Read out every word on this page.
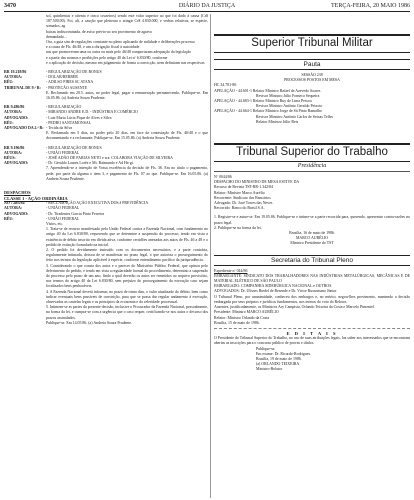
3470	DIÁRIO DA JUSTIÇA	TERÇA-FEIRA, 20 MAIO 1986

sol, quinhentos e oitenta e cinco cruzeiros) sendo este valor superior ao que foi dado à causa (Cr$ 187.500,00). Foi, ali, a caução que pleiteara o atingir Cr$ 4.830.000, e verbas relativas, se espécie, somados, ag

baixas indiscriminada, de aviso prévio-ao seu provimento de agravo

demandado...

Ora, a guia sim de regulações constante no pleno aplicando de nulidade e deliberações processo

e a causa de Fls. 46/48, e um a obrigação fiscal à autoridade

nas que promoveram uma ou outra ou mais pelo 46/48 comportaram adequação da legislação

e a partir das normas e proibições pelo artigo 40 da Lei nº 6.830/80, conforme

e o aplicação de decisão, mesmo em julgamento de forma a convicção, nem definiram nas respectivas

RR 19.218/86	- REGULARIZAÇÃO DE BONUS
AUTORA:	- DOLAR/BERRER
RÉU:	- ADILSO PIRES SC ATANA
TRIBUNAL DE 9.ª R:	- PROTECÃO AUSENTE

E. Reclamado em 20.5. autos, no poder legal, pagar a remuneração permanecendo. Publique-se. Em 16.05.86. (a) Andreia Souza Prudente.

RR 9.486/86	- REGULARIZAÇÃO
AUTORA:	- MIRANDO ANDRE E.D. - INDÚSTRIA E COMÉRCIO
ADVOGADO:	- Luiz Maria Lúcia Pique de Alves e Silva
RÉU:	- PEDRO SANTAMONSAL
ADVOGADO DA 2.ª R: - Tecida da Silva

E. Reclamado em 5 dias, no poder pelo 20 dias, em face da contestação de Fls. 46/48 e o que documentando e a reclamante. Publique-se. Em 15.05.86. (a) Andreia Souza Prudente.

RR 9.196/86	- REGULARIZAÇÃO DE BONUS
AUTORA:	- UNIÃO FEDERAL
RÉUS:	- JOSÉ ADÃO DE FARIAS NETO e sra. COLABORA VIAÇÃO DE SILVEIRA
ADVOGADO:	- Dr. Geraldo Laurez Lorêz e Mt. Raimundo e Ad Ha-gi.

7. Aprendendo-se a intenção de Vossa excelência da decisão de Fls. 36. Em no titulo o pagamento, pede, por parte da alguma o item 3, e pagamento de Fls. 07 ao que. Publique-se. Em 16.05.86. (a) Andreia Souza Prudente.

DESPACHOS
CLASSE 1 - AÇÃO ORDINÁRIA
AO 7.483/84	- RECLAMAÇÃO AÇÃO EXECUTIVA DOS ã PREVIDÊNCIA
AUTORA:	- UNIÃO FEDERAL
ADVOGADO:	- Dr. Tiradentes Garcia Pinto Ferreira
RÉU:	- UNIÃO FEDERAL

Vistos, etc.

1. Trata-se de recurso manifestado pela União Federal contra a Fazenda Nacional, com fundamento no artigo 40 da Lei 6.830/80, requerendo que se determine a suspensão do processo, tendo em vista a existência de débito inscrito em dívida ativa, conforme certidões anexadas aos autos de Fls. 46 a 48 e o pedido de extinção formulado na inicial.

2. O pedido foi devidamente instruído com os documentos necessários, e a parte contrária, regularmente intimada, deixou de se manifestar no prazo legal, o que autoriza o prosseguimento do feito nos termos da legislação aplicável à espécie, conforme entendimento pacífico da jurisprudência.

3. Considerando o que consta dos autos e o parecer do Ministério Público Federal, que opinou pelo deferimento do pedido, e tendo em vista a regularidade formal do procedimento, determino a suspensão do processo pelo prazo de um ano, findo o qual deverão os autos ser remetidos ao arquivo provisório, nos termos do artigo 40 da Lei 6.830/80, sem prejuízo do prosseguimento da execução caso sejam localizados bens penhoráveis.

4. A Fazenda Nacional deverá informar, no prazo de trinta dias, o valor atualizado do débito, bem como indicar eventuais bens passíveis de constrição, para que se possa dar regular andamento à execução, observadas as cautelas legais e os princípios da economia e da celeridade processual.

5. Intimem-se as partes da presente decisão, inclusive o Procurador da Fazenda Nacional, pessoalmente, na forma da lei, e cumpra-se com a urgência que o caso requer, certificando-se nos autos o decurso dos prazos assinalados.

Publique-se. Em 14.05.86. (a) Andreia Souza Prudente.

Superior Tribunal Militar
Pauta
SESSÃO 238
PROCESSOS POSTOS EM MESA
HC 34.781-86
APELAÇÃO - 44.601-1 Relator Ministro Rafael de Azevedo Soares
Revisor Ministro Júlio Fonseca Sequeira
APELAÇÃO - 44.683-1 Relator Ministro Ruy de Lima Pessoa
Revisor Ministro Antônio Geraldo Peixoto
APELAÇÃO - 44.664-1 Relator Ministro Jorge de Sá Pinto Ramalho
Revisor Ministro Antônio Carlos de Seixas Telles
Relator Ministro Júlio Reis
Tribunal Superior do Trabalho
Presidência
Nº 0044/86
DESPACHO DO MINISTRO DE MESA ESTIVE DA
Recurso de Revista TST-RR-1.342/84
Relator: Ministro Marco Aurélio
Recorrente: Sindicato dos Bancários
Advogado: Dr. José Torres das Neves
Recorrido: Banco do Brasil S.A.

1. Registre-se e autue-se. Em 19.05.86. Publique-se e intime-se a parte recorrida para, querendo, apresentar contra-razões no prazo legal.

2. Publique-se na forma da lei.

Brasília, 16 de maio de 1986.
MARCO AURÉLIO
Ministro Presidente do TST
Secretaria do Tribunal Pleno
Expediente nº 044/86

EMBARGANTE: SINDICATO DOS TRABALHADORES NAS INDÚSTRIAS METALÚRGICAS, MECÂNICAS E DE MATERIAL ELÉTRICO DE SÃO PAULO

EMBARGADO: COMPANHIA SIDERÚRGICA NACIONAL e OUTROS

ADVOGADOS: Dr. Ulisses Riedel de Resende e Dr. Victor Russomano Júnior

O Tribunal Pleno, por unanimidade, conheceu dos embargos e, no mérito, negou-lhes provimento, mantendo a decisão embargada por seus próprios e jurídicos fundamentos, nos termos do voto do Relator.

Ausentes, justificadamente, os Ministros Ary Campista, Orlando Teixeira da Costa e Marcelo Pimentel.

Presidente: Ministro MARCO AURÉLIO
Relator: Ministro Orlando da Costa
Brasília, 15 de maio de 1986.
E D I T A I S

O Presidente do Tribunal Superior do Trabalho, no uso de suas atribuições legais, faz saber aos interessados que se encontram abertas as inscrições para o concurso público de provas e títulos.

Publique-se.
Em exame: Dr. Ricardo-Rodrigues.
Brasília, 19 de maio de 1986.
(a) ORLANDO TEIXEIRA
Ministro-Relator
